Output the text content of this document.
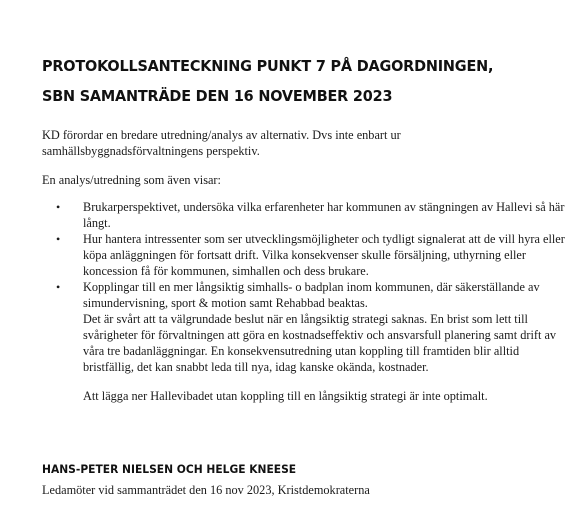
PROTOKOLLSANTECKNING PUNKT 7 PÅ DAGORDNINGEN,
SBN SAMANTRÄDE DEN 16 NOVEMBER 2023

KD förordar en bredare utredning/analys av alternativ. Dvs inte enbart ur samhällsbyggnadsförvaltningens perspektiv.

En analys/utredning som även visar:

• Brukarperspektivet, undersöka vilka erfarenheter har kommunen av stängningen av Hallevi så här långt.
• Hur hantera intressenter som ser utvecklingsmöjligheter och tydligt signalerat att de vill hyra eller köpa anläggningen för fortsatt drift. Vilka konsekvenser skulle försäljning, uthyrning eller koncession få för kommunen, simhallen och dess brukare.
• Kopplingar till en mer långsiktig simhalls- o badplan inom kommunen, där säkerställande av simundervisning, sport & motion samt Rehabbad beaktas.

Det är svårt att ta välgrundade beslut när en långsiktig strategi saknas. En brist som lett till svårigheter för förvaltningen att göra en kostnadseffektiv och ansvarsfull planering samt drift av våra tre badanläggningar. En konsekvensutredning utan koppling till framtiden blir alltid bristfällig, det kan snabbt leda till nya, idag kanske okända, kostnader.

Att lägga ner Hallevibadet utan koppling till en långsiktig strategi är inte optimalt.

HANS-PETER NIELSEN OCH HELGE KNEESE

Ledamöter vid sammanträdet den 16 nov 2023, Kristdemokraterna
